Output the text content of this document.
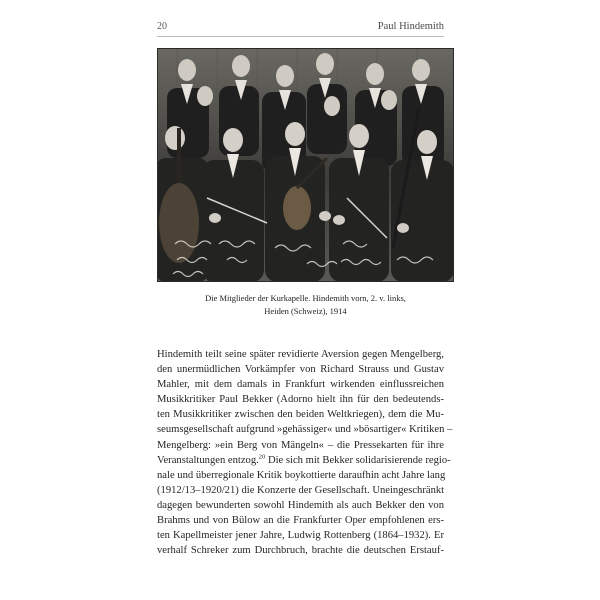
20	Paul Hindemith
Die Mitglieder der Kurkapelle. Hindemith vorn, 2. v. links,
Heiden (Schweiz), 1914
Hindemith teilt seine später revidierte Aversion gegen Mengelberg,
den unermüdlichen Vorkämpfer von Richard Strauss und Gustav
Mahler, mit dem damals in Frankfurt wirkenden einflussreichen
Musikkritiker Paul Bekker (Adorno hielt ihn für den bedeutends-
ten Musikkritiker zwischen den beiden Weltkriegen), dem die Mu-
seumsgesellschaft aufgrund »gehässiger« und »bösartiger« Kritiken –
Mengelberg: »ein Berg von Mängeln« – die Pressekarten für ihre
Veranstaltungen entzog.$^{20}$ Die sich mit Bekker solidarisierende regio-
nale und überregionale Kritik boykottierte daraufhin acht Jahre lang
(1912/13–1920/21) die Konzerte der Gesellschaft. Uneingeschränkt
dagegen bewunderten sowohl Hindemith als auch Bekker den von
Brahms und von Bülow an die Frankfurter Oper empfohlenen ers-
ten Kapellmeister jener Jahre, Ludwig Rottenberg (1864–1932). Er
verhalf Schreker zum Durchbruch, brachte die deutschen Erstauf-
